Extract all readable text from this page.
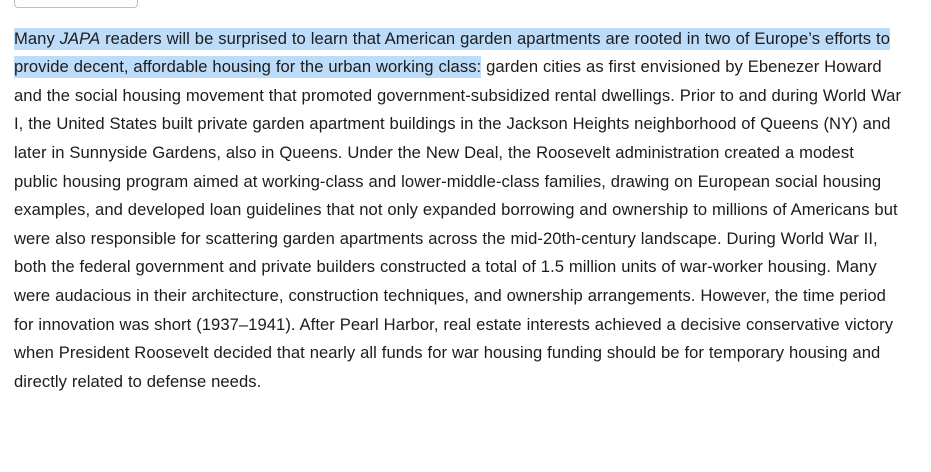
Many JAPA readers will be surprised to learn that American garden apartments are rooted in two of Europe’s efforts to provide decent, affordable housing for the urban working class: garden cities as first envisioned by Ebenezer Howard and the social housing movement that promoted government-subsidized rental dwellings. Prior to and during World War I, the United States built private garden apartment buildings in the Jackson Heights neighborhood of Queens (NY) and later in Sunnyside Gardens, also in Queens. Under the New Deal, the Roosevelt administration created a modest public housing program aimed at working-class and lower-middle-class families, drawing on European social housing examples, and developed loan guidelines that not only expanded borrowing and ownership to millions of Americans but were also responsible for scattering garden apartments across the mid-20th-century landscape. During World War II, both the federal government and private builders constructed a total of 1.5 million units of war-worker housing. Many were audacious in their architecture, construction techniques, and ownership arrangements. However, the time period for innovation was short (1937–1941). After Pearl Harbor, real estate interests achieved a decisive conservative victory when President Roosevelt decided that nearly all funds for war housing funding should be for temporary housing and directly related to defense needs.
